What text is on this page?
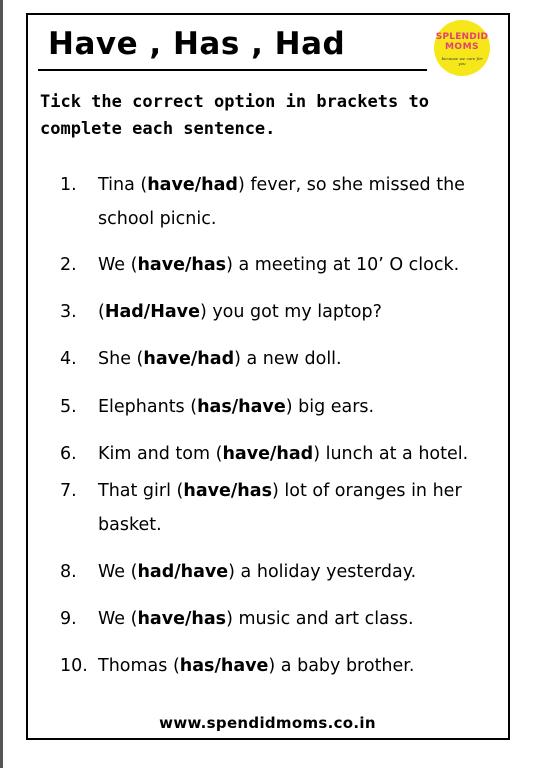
Have , Has , Had	SPLENDID
MOMS
because we care for you
Tick the correct option in brackets to complete each sentence.
1. Tina (have/had) fever, so she missed the school picnic.
2. We (have/has) a meeting at 10’ O clock.
3. (Had/Have) you got my laptop?
4. She (have/had) a new doll.
5. Elephants (has/have) big ears.
6. Kim and tom (have/had) lunch at a hotel.
7. That girl (have/has) lot of oranges in her basket.
8. We (had/have) a holiday yesterday.
9. We (have/has) music and art class.
10. Thomas (has/have) a baby brother.
www.spendidmoms.co.in
